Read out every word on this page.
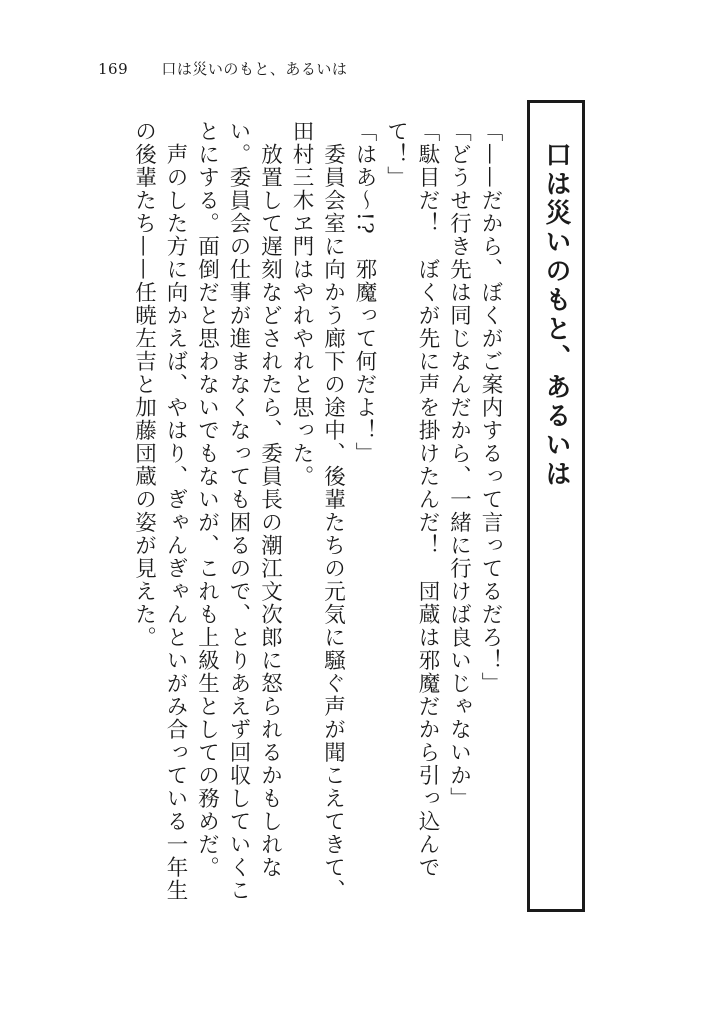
169 口は災いのもと、あるいは
口は災いのもと、あるいは

「——だから、ぼくがご案内するって言ってるだろ！」

「どうせ行き先は同じなんだから、一緒に行けば良いじゃないか」

「駄目だ！　ぼくが先に声を掛けたんだ！　団蔵は邪魔だから引っ込んでて！」

「はあ〜!?　邪魔って何だよ！」

　委員会室に向かう廊下の途中、後輩たちの元気に騒ぐ声が聞こえてきて、田村三木ヱ門はやれやれと思った。

　放置して遅刻などされたら、委員長の潮江文次郎に怒られるかもしれない。委員会の仕事が進まなくなっても困るので、とりあえず回収していくことにする。面倒だと思わないでもないが、これも上級生としての務めだ。

　声のした方に向かえば、やはり、ぎゃんぎゃんといがみ合っている一年生の後輩たち——任暁左吉と加藤団蔵の姿が見えた。
